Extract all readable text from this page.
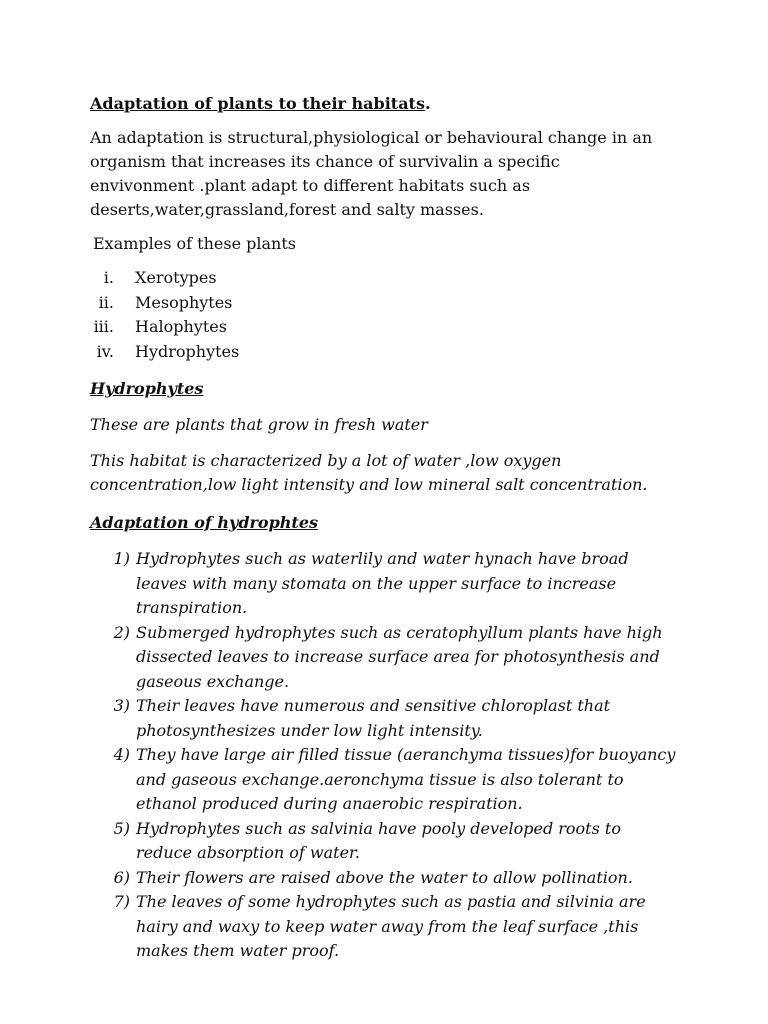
Adaptation of plants to their habitats.

An adaptation is structural,physiological or behavioural change in an organism that increases its chance of survivalin a specific envivonment .plant adapt to different habitats such as deserts,water,grassland,forest and salty masses.

Examples of these plants

i.	Xerotypes
ii.	Mesophytes
iii.	Halophytes
iv.	Hydrophytes

Hydrophytes

These are plants that grow in fresh water

This habitat is characterized by a lot of water ,low oxygen concentration,low light intensity and low mineral salt concentration.

Adaptation of hydrophtes

1) Hydrophytes such as waterlily and water hynach have broad leaves with many stomata on the upper surface to increase transpiration.
2) Submerged hydrophytes such as ceratophyllum plants have high dissected leaves to increase surface area for photosynthesis and gaseous exchange.
3) Their leaves have numerous and sensitive chloroplast that photosynthesizes under low light intensity.
4) They have large air filled tissue (aeranchyma tissues)for buoyancy and gaseous exchange.aeronchyma tissue is also tolerant to ethanol produced during anaerobic respiration.
5) Hydrophytes such as salvinia have pooly developed roots to reduce absorption of water.
6) Their flowers are raised above the water to allow pollination.
7) The leaves of some hydrophytes such as pastia and silvinia are hairy and waxy to keep water away from the leaf surface ,this makes them water proof.
